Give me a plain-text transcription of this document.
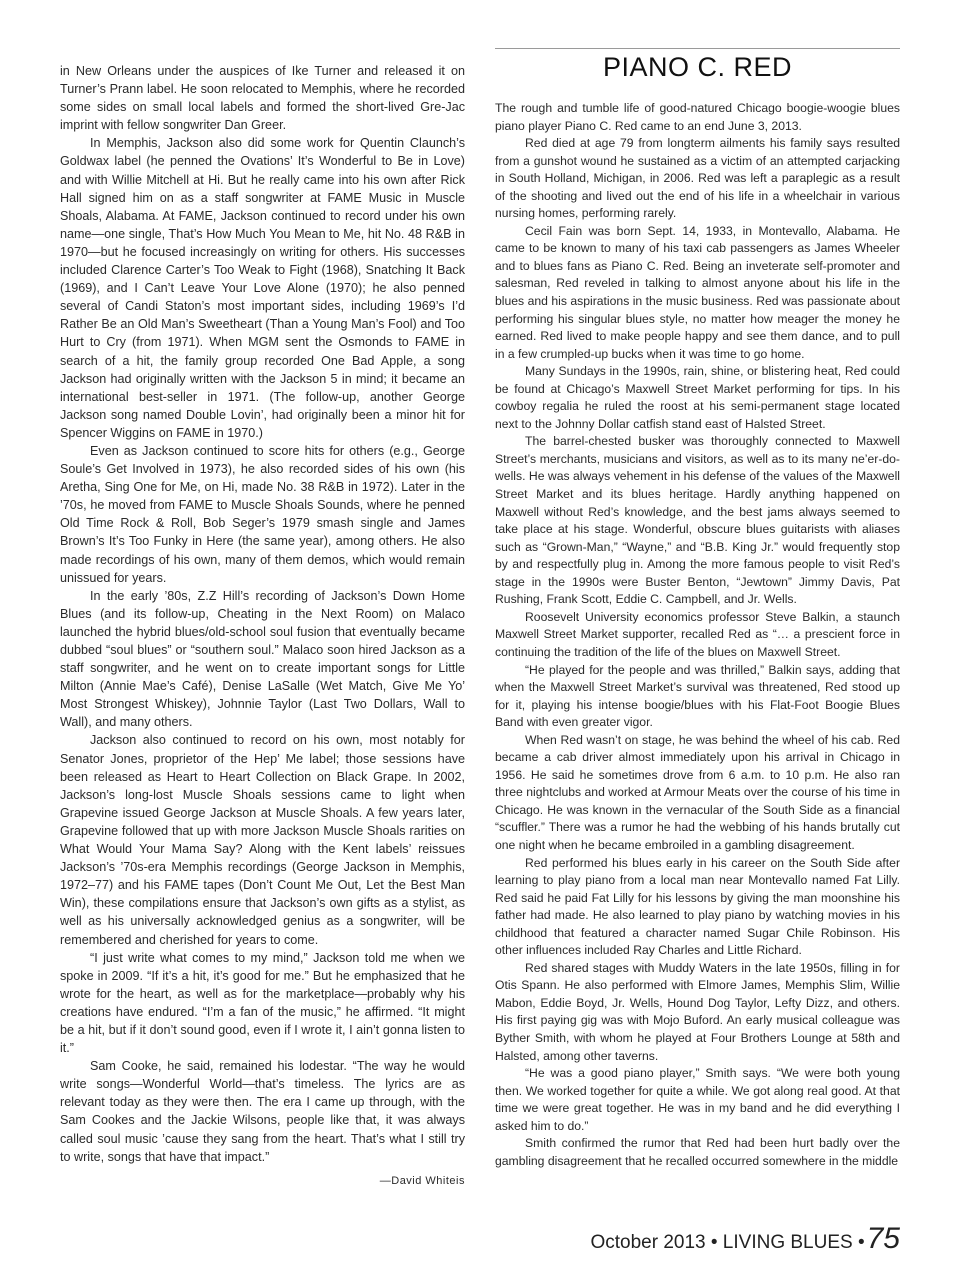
PIANO C. RED

in New Orleans under the auspices of Ike Turner and released it on Turner’s Prann label. He soon relocated to Memphis, where he recorded some sides on small local labels and formed the short-lived Gre-Jac imprint with fellow songwriter Dan Greer.

In Memphis, Jackson also did some work for Quentin Claunch’s Goldwax label (he penned the Ovations’ It’s Wonderful to Be in Love) and with Willie Mitchell at Hi. But he really came into his own after Rick Hall signed him on as a staff songwriter at FAME Music in Muscle Shoals, Alabama. At FAME, Jackson continued to record under his own name—one single, That’s How Much You Mean to Me, hit No. 48 R&B in 1970—but he focused increasingly on writing for others. His successes included Clarence Carter’s Too Weak to Fight (1968), Snatching It Back (1969), and I Can’t Leave Your Love Alone (1970); he also penned several of Candi Staton’s most important sides, including 1969’s I’d Rather Be an Old Man’s Sweetheart (Than a Young Man’s Fool) and Too Hurt to Cry (from 1971). When MGM sent the Osmonds to FAME in search of a hit, the family group recorded One Bad Apple, a song Jackson had originally written with the Jackson 5 in mind; it became an international best-seller in 1971. (The follow-up, another George Jackson song named Double Lovin’, had originally been a minor hit for Spencer Wiggins on FAME in 1970.)

Even as Jackson continued to score hits for others (e.g., George Soule’s Get Involved in 1973), he also recorded sides of his own (his Aretha, Sing One for Me, on Hi, made No. 38 R&B in 1972). Later in the ’70s, he moved from FAME to Muscle Shoals Sounds, where he penned Old Time Rock & Roll, Bob Seger’s 1979 smash single and James Brown’s It’s Too Funky in Here (the same year), among others. He also made recordings of his own, many of them demos, which would remain unissued for years.

In the early ’80s, Z.Z Hill’s recording of Jackson’s Down Home Blues (and its follow-up, Cheating in the Next Room) on Malaco launched the hybrid blues/old-school soul fusion that eventually became dubbed “soul blues” or “southern soul.” Malaco soon hired Jackson as a staff songwriter, and he went on to create important songs for Little Milton (Annie Mae’s Café), Denise LaSalle (Wet Match, Give Me Yo’ Most Strongest Whiskey), Johnnie Taylor (Last Two Dollars, Wall to Wall), and many others.

Jackson also continued to record on his own, most notably for Senator Jones, proprietor of the Hep’ Me label; those sessions have been released as Heart to Heart Collection on Black Grape. In 2002, Jackson’s long-lost Muscle Shoals sessions came to light when Grapevine issued George Jackson at Muscle Shoals. A few years later, Grapevine followed that up with more Jackson Muscle Shoals rarities on What Would Your Mama Say? Along with the Kent labels’ reissues Jackson’s ’70s-era Memphis recordings (George Jackson in Memphis, 1972–77) and his FAME tapes (Don’t Count Me Out, Let the Best Man Win), these compilations ensure that Jackson’s own gifts as a stylist, as well as his universally acknowledged genius as a songwriter, will be remembered and cherished for years to come.

“I just write what comes to my mind,” Jackson told me when we spoke in 2009. “If it’s a hit, it’s good for me.” But he emphasized that he wrote for the heart, as well as for the marketplace—probably why his creations have endured. “I’m a fan of the music,” he affirmed. “It might be a hit, but if it don’t sound good, even if I wrote it, I ain’t gonna listen to it.”

Sam Cooke, he said, remained his lodestar. “The way he would write songs—Wonderful World—that’s timeless. The lyrics are as relevant today as they were then. The era I came up through, with the Sam Cookes and the Jackie Wilsons, people like that, it was always called soul music ’cause they sang from the heart. That’s what I still try to write, songs that have that impact.”

—David Whiteis

The rough and tumble life of good-natured Chicago boogie-woogie blues piano player Piano C. Red came to an end June 3, 2013.

Red died at age 79 from longterm ailments his family says resulted from a gunshot wound he sustained as a victim of an attempted carjacking in South Holland, Michigan, in 2006. Red was left a paraplegic as a result of the shooting and lived out the end of his life in a wheelchair in various nursing homes, performing rarely.

Cecil Fain was born Sept. 14, 1933, in Montevallo, Alabama. He came to be known to many of his taxi cab passengers as James Wheeler and to blues fans as Piano C. Red. Being an inveterate self-promoter and salesman, Red reveled in talking to almost anyone about his life in the blues and his aspirations in the music business. Red was passionate about performing his singular blues style, no matter how meager the money he earned. Red lived to make people happy and see them dance, and to pull in a few crumpled-up bucks when it was time to go home.

Many Sundays in the 1990s, rain, shine, or blistering heat, Red could be found at Chicago’s Maxwell Street Market performing for tips. In his cowboy regalia he ruled the roost at his semi-permanent stage located next to the Johnny Dollar catfish stand east of Halsted Street.

The barrel-chested busker was thoroughly connected to Maxwell Street’s merchants, musicians and visitors, as well as to its many ne’er-do-wells. He was always vehement in his defense of the values of the Maxwell Street Market and its blues heritage. Hardly anything happened on Maxwell without Red’s knowledge, and the best jams always seemed to take place at his stage. Wonderful, obscure blues guitarists with aliases such as “Grown-Man,” “Wayne,” and “B.B. King Jr.” would frequently stop by and respectfully plug in. Among the more famous people to visit Red’s stage in the 1990s were Buster Benton, “Jewtown” Jimmy Davis, Pat Rushing, Frank Scott, Eddie C. Campbell, and Jr. Wells.

Roosevelt University economics professor Steve Balkin, a staunch Maxwell Street Market supporter, recalled Red as “… a prescient force in continuing the tradition of the life of the blues on Maxwell Street.

“He played for the people and was thrilled,” Balkin says, adding that when the Maxwell Street Market’s survival was threatened, Red stood up for it, playing his intense boogie/blues with his Flat-Foot Boogie Blues Band with even greater vigor.

When Red wasn’t on stage, he was behind the wheel of his cab. Red became a cab driver almost immediately upon his arrival in Chicago in 1956. He said he sometimes drove from 6 a.m. to 10 p.m. He also ran three nightclubs and worked at Armour Meats over the course of his time in Chicago. He was known in the vernacular of the South Side as a financial “scuffler.” There was a rumor he had the webbing of his hands brutally cut one night when he became embroiled in a gambling disagreement.

Red performed his blues early in his career on the South Side after learning to play piano from a local man near Montevallo named Fat Lilly. Red said he paid Fat Lilly for his lessons by giving the man moonshine his father had made. He also learned to play piano by watching movies in his childhood that featured a character named Sugar Chile Robinson. His other influences included Ray Charles and Little Richard.

Red shared stages with Muddy Waters in the late 1950s, filling in for Otis Spann. He also performed with Elmore James, Memphis Slim, Willie Mabon, Eddie Boyd, Jr. Wells, Hound Dog Taylor, Lefty Dizz, and others. His first paying gig was with Mojo Buford. An early musical colleague was Byther Smith, with whom he played at Four Brothers Lounge at 58th and Halsted, among other taverns.

“He was a good piano player,” Smith says. “We were both young then. We worked together for quite a while. We got along real good. At that time we were great together. He was in my band and he did everything I asked him to do.”

Smith confirmed the rumor that Red had been hurt badly over the gambling disagreement that he recalled occurred somewhere in the middle

October 2013 • LIVING BLUES •75
